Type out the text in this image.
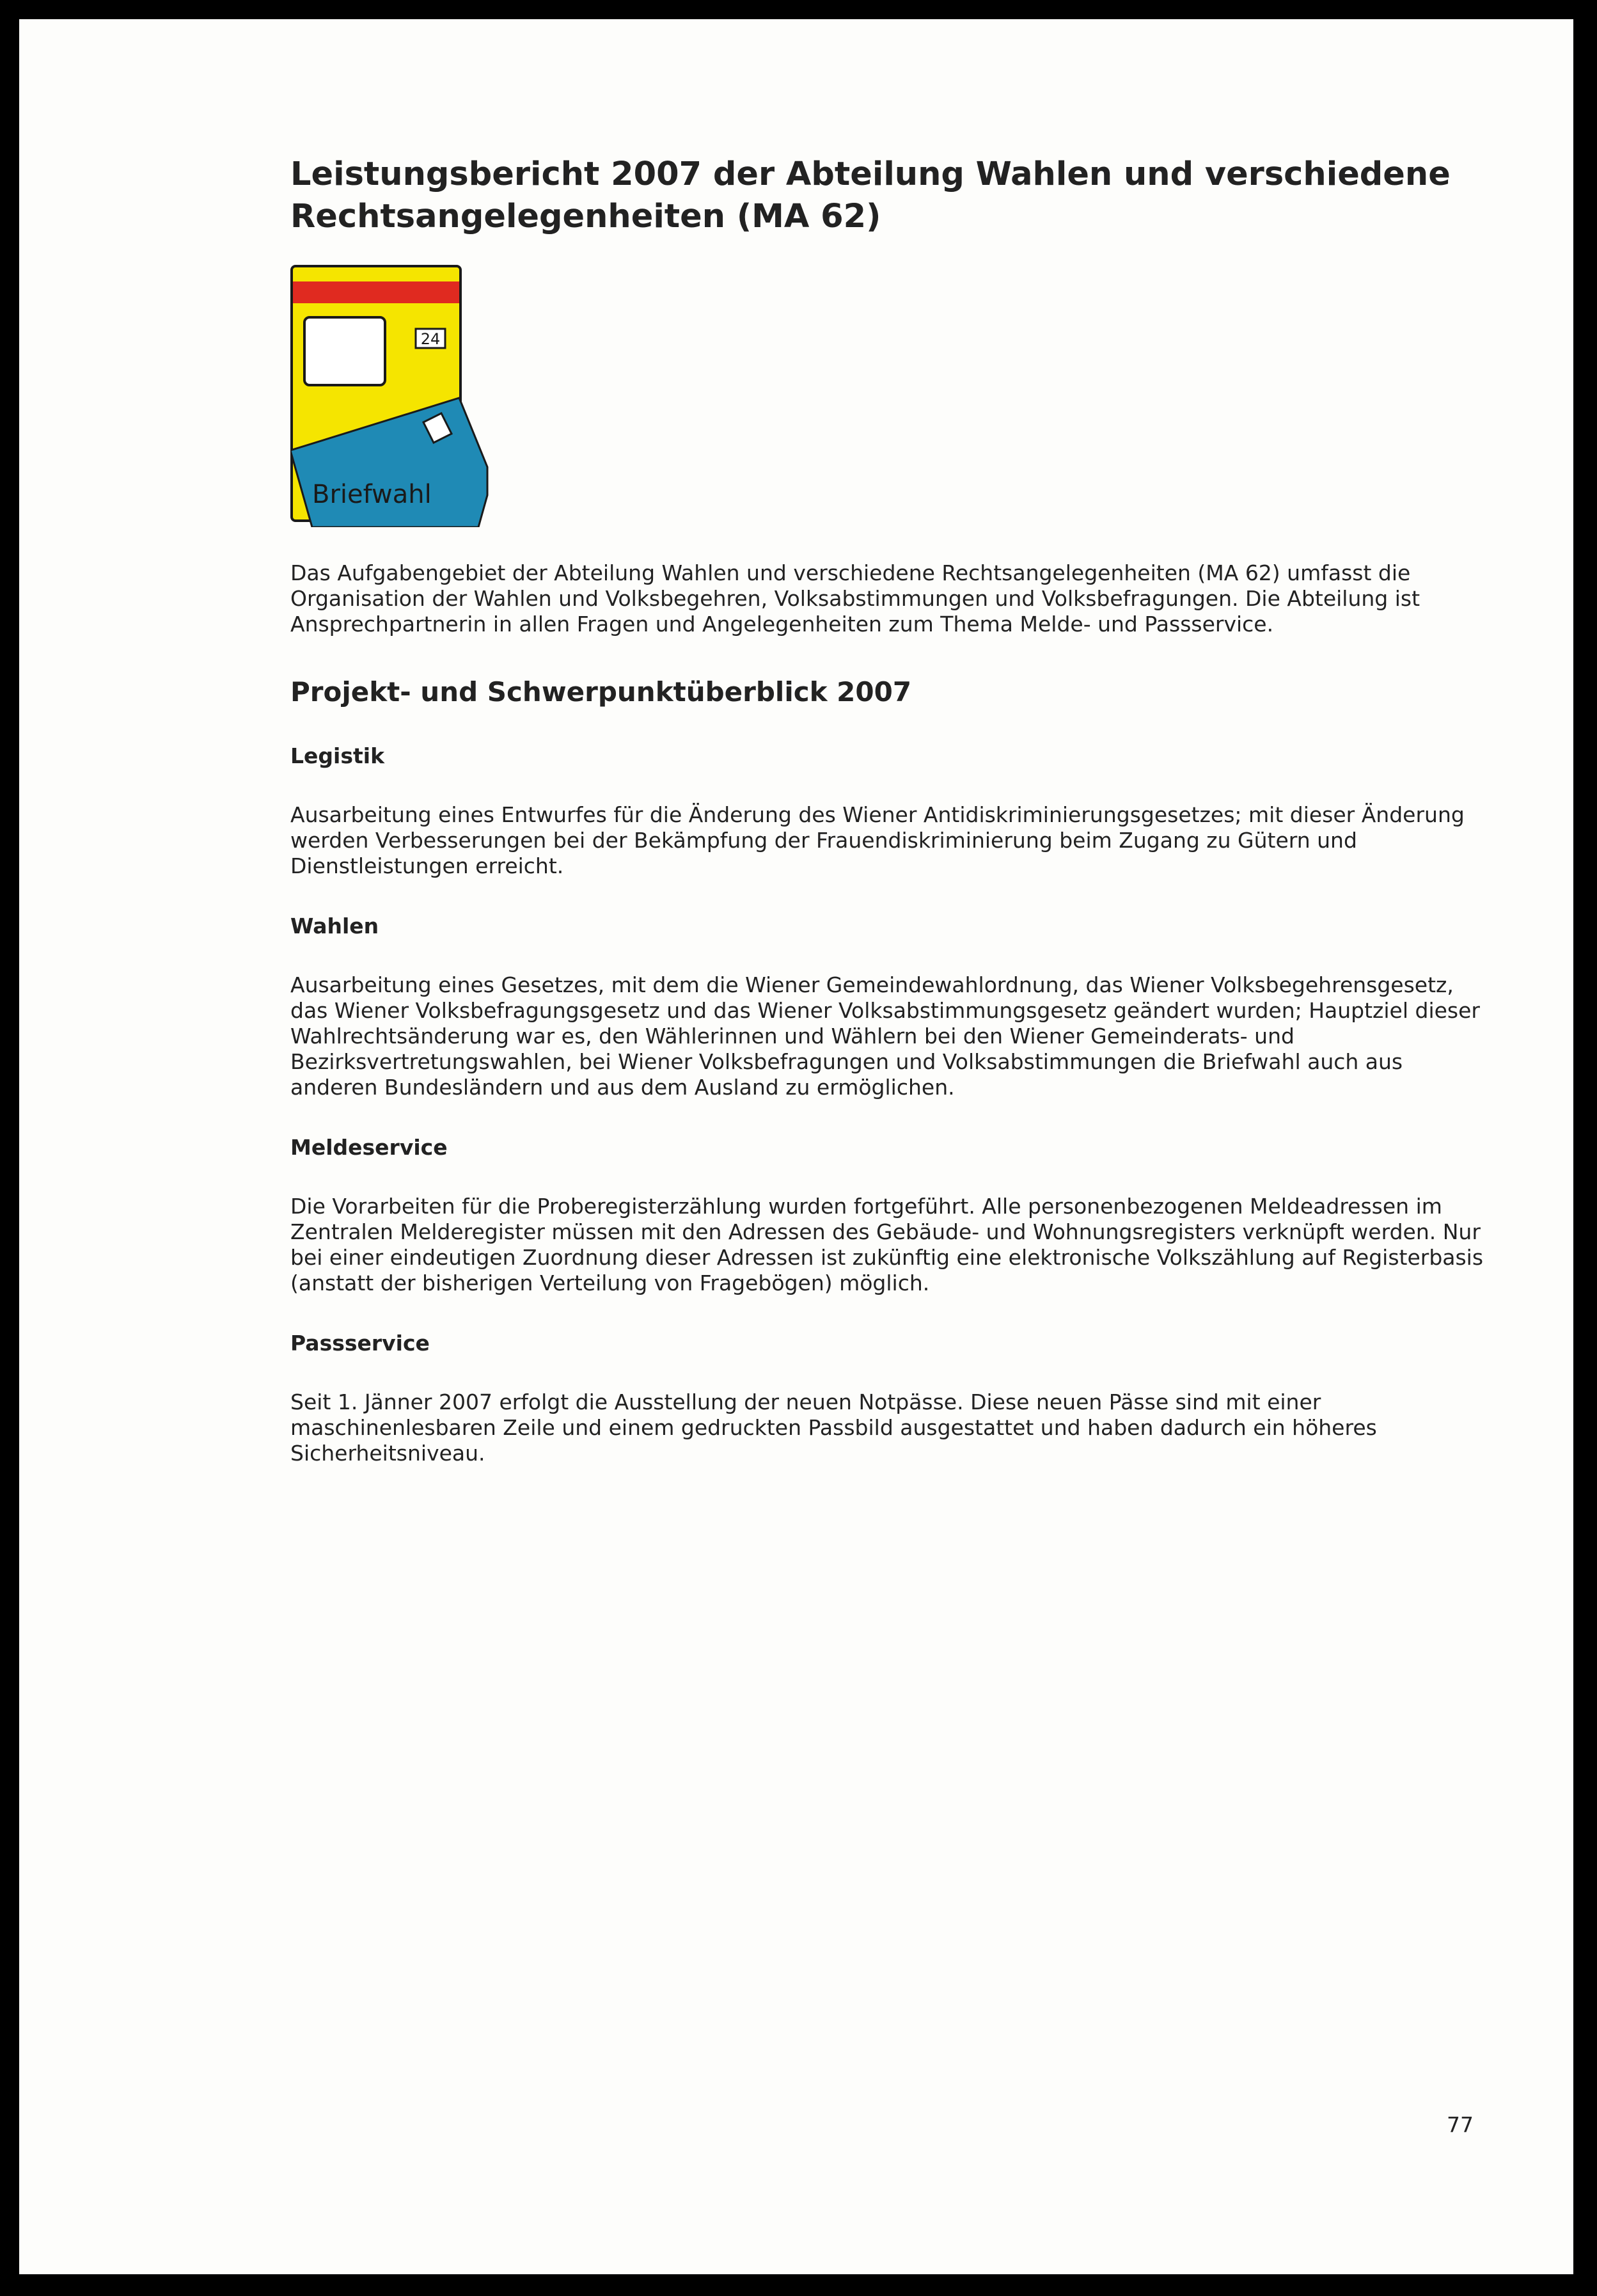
Leistungsbericht 2007 der Abteilung Wahlen und verschiedene Rechtsangelegenheiten (MA 62)
24
Briefwahl

Das Aufgabengebiet der Abteilung Wahlen und verschiedene Rechtsangelegenheiten (MA 62) umfasst die Organisation der Wahlen und Volksbegehren, Volksabstimmungen und Volksbefragungen. Die Abteilung ist Ansprechpartnerin in allen Fragen und Angelegenheiten zum Thema Melde- und Passservice.

Projekt- und Schwerpunktüberblick 2007
Legistik

Ausarbeitung eines Entwurfes für die Änderung des Wiener Antidiskriminierungsgesetzes; mit dieser Änderung werden Verbesserungen bei der Bekämpfung der Frauendiskriminierung beim Zugang zu Gütern und Dienstleistungen erreicht.

Wahlen

Ausarbeitung eines Gesetzes, mit dem die Wiener Gemeindewahlordnung, das Wiener Volksbegehrensgesetz, das Wiener Volksbefragungsgesetz und das Wiener Volksabstimmungsgesetz geändert wurden; Hauptziel dieser Wahlrechtsänderung war es, den Wählerinnen und Wählern bei den Wiener Gemeinderats- und Bezirksvertretungswahlen, bei Wiener Volksbefragungen und Volksabstimmungen die Briefwahl auch aus anderen Bundesländern und aus dem Ausland zu ermöglichen.

Meldeservice

Die Vorarbeiten für die Proberegisterzählung wurden fortgeführt. Alle personenbezogenen Meldeadressen im Zentralen Melderegister müssen mit den Adressen des Gebäude- und Wohnungsregisters verknüpft werden. Nur bei einer eindeutigen Zuordnung dieser Adressen ist zukünftig eine elektronische Volkszählung auf Registerbasis (anstatt der bisherigen Verteilung von Fragebögen) möglich.

Passservice

Seit 1. Jänner 2007 erfolgt die Ausstellung der neuen Notpässe. Diese neuen Pässe sind mit einer maschinenlesbaren Zeile und einem gedruckten Passbild ausgestattet und haben dadurch ein höheres Sicherheitsniveau.

77
